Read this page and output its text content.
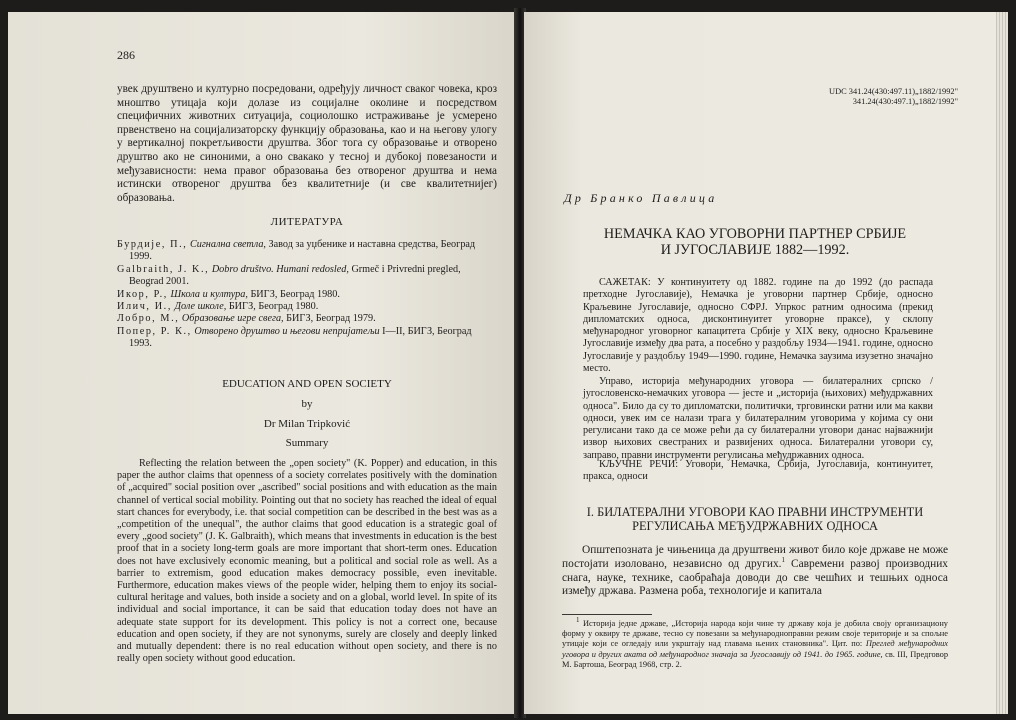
286

увек друштвено и културно посредовани, одређују личност сваког човека, кроз мноштво утицаја који долазе из социјалне околине и посредством специфичних животних ситуација, социолошко истраживање је усмерено првенствено на социјализаторску функцију образовања, као и на његову улогу у вертикалној покретљивости друштва. Због тога су образовање и отворено друштво ако не синоними, а оно свакако у тесној и дубокој повезаности и међузависности: нема правог образовања без отвореног друштва и нема истински отвореног друштва без квалитетније (и све квалитетнијег) образовања.

ЛИТЕРАТУРА

Бурдије, П., Сигнална светла, Завод за уџбенике и наставна средства, Београд 1999.
Galbraith, J. K., Dobro društvo. Humani redosled, Grmeč i Privredni pregled, Beograd 2001.
Икор, Р., Школа и култура, БИГЗ, Београд 1980.
Илич, И., Доле школе, БИГЗ, Београд 1980.
Лобро, М., Образовање игре свега, БИГЗ, Београд 1979.
Попер, Р. К., Отворено друштво и његови непријатељи I—II, БИГЗ, Београд 1993.

EDUCATION AND OPEN SOCIETY

by

Dr Milan Tripković

Summary

Reflecting the relation between the „open society" (K. Popper) and education, in this paper the author claims that openness of a society correlates positively with the domination of „acquired" social position over „ascribed" social positions and with education as the main channel of vertical social mobility. Pointing out that no society has reached the ideal of equal start chances for everybody, i.e. that social competition can be described in the best was as a „competition of the unequal", the author claims that good education is a strategic goal of every „good society" (J. K. Galbraith), which means that investments in education is the best proof that in a society long-term goals are more important that short-term ones. Education does not have exclusively economic meaning, but a political and social role as well. As a barrier to extremism, good education makes democracy possible, even inevitable. Furthermore, education makes views of the people wider, helping them to enjoy its social-cultural heritage and values, both inside a society and on a global, world level. In spite of its individual and social importance, it can be said that education today does not have an adequate state support for its development. This policy is not a correct one, because education and open society, if they are not synonyms, surely are closely and deeply linked and mutually dependent: there is no real education without open society, and there is no really open society without good education.

UDC 341.24(430:497.11)„1882/1992"
341.24(430:497.1)„1882/1992"

Др Бранко Павлица

НЕМАЧКА КАО УГОВОРНИ ПАРТНЕР СРБИЈЕ
И ЈУГОСЛАВИЈЕ 1882—1992.

САЖЕТАК: У континуитету од 1882. године па до 1992 (до распада претходне Југославије), Немачка је уговорни партнер Србије, односно Краљевине Југославије, односно СФРЈ. Упркос ратним односима (прекид дипломатских односа, дисконтинуитет уговорне праксе), у склопу међународног уговорног капацитета Србије у XIX веку, односно Краљевине Југославије између два рата, а посебно у раздобљу 1934—1941. године, односно Југославије у раздобљу 1949—1990. године, Немачка заузима изузетно значајно место.

Управо, историја међународних уговора — билатералних српско / југословенско-немачких уговора — јесте и „историја (њихових) међудржавних односа". Било да су то дипломатски, политички, трговински ратни или ма какви односи, увек им се налази трага у билатералним уговорима у којима су они регулисани тако да се може рећи да су билатерални уговори данас најважнији извор њихових свестраних и развијених односа. Билатерални уговори су, заправо, правни инструменти регулисања међудржавних односа.

КЉУЧНЕ РЕЧИ: Уговори, Немачка, Србија, Југославија, континуитет, пракса, односи

I. БИЛАТЕРАЛНИ УГОВОРИ КАО ПРАВНИ ИНСТРУМЕНТИ
РЕГУЛИСАЊА МЕЂУДРЖАВНИХ ОДНОСА

Општепозната је чињеница да друштвени живот било које државе не може постојати изоловано, независно од других.$^1$ Савремени развој производних снага, науке, технике, саобраћаја доводи до све чешћих и тешњих односа између држава. Размена роба, технологије и капитала

$^1$ Историја једне државе, „Историја народа који чине ту државу која је добила своју организациону форму у оквиру те државе, тесно су повезани за међународноправни режим своје територије и за спољне утицаје који се огледају или укрштају над главама њених становника". Цит. по: Преглед међународних уговора и других аката од међународног значаја за Југославију од 1941. до 1965. године, св. III, Предговор М. Бартоша, Београд 1968, стр. 2.
